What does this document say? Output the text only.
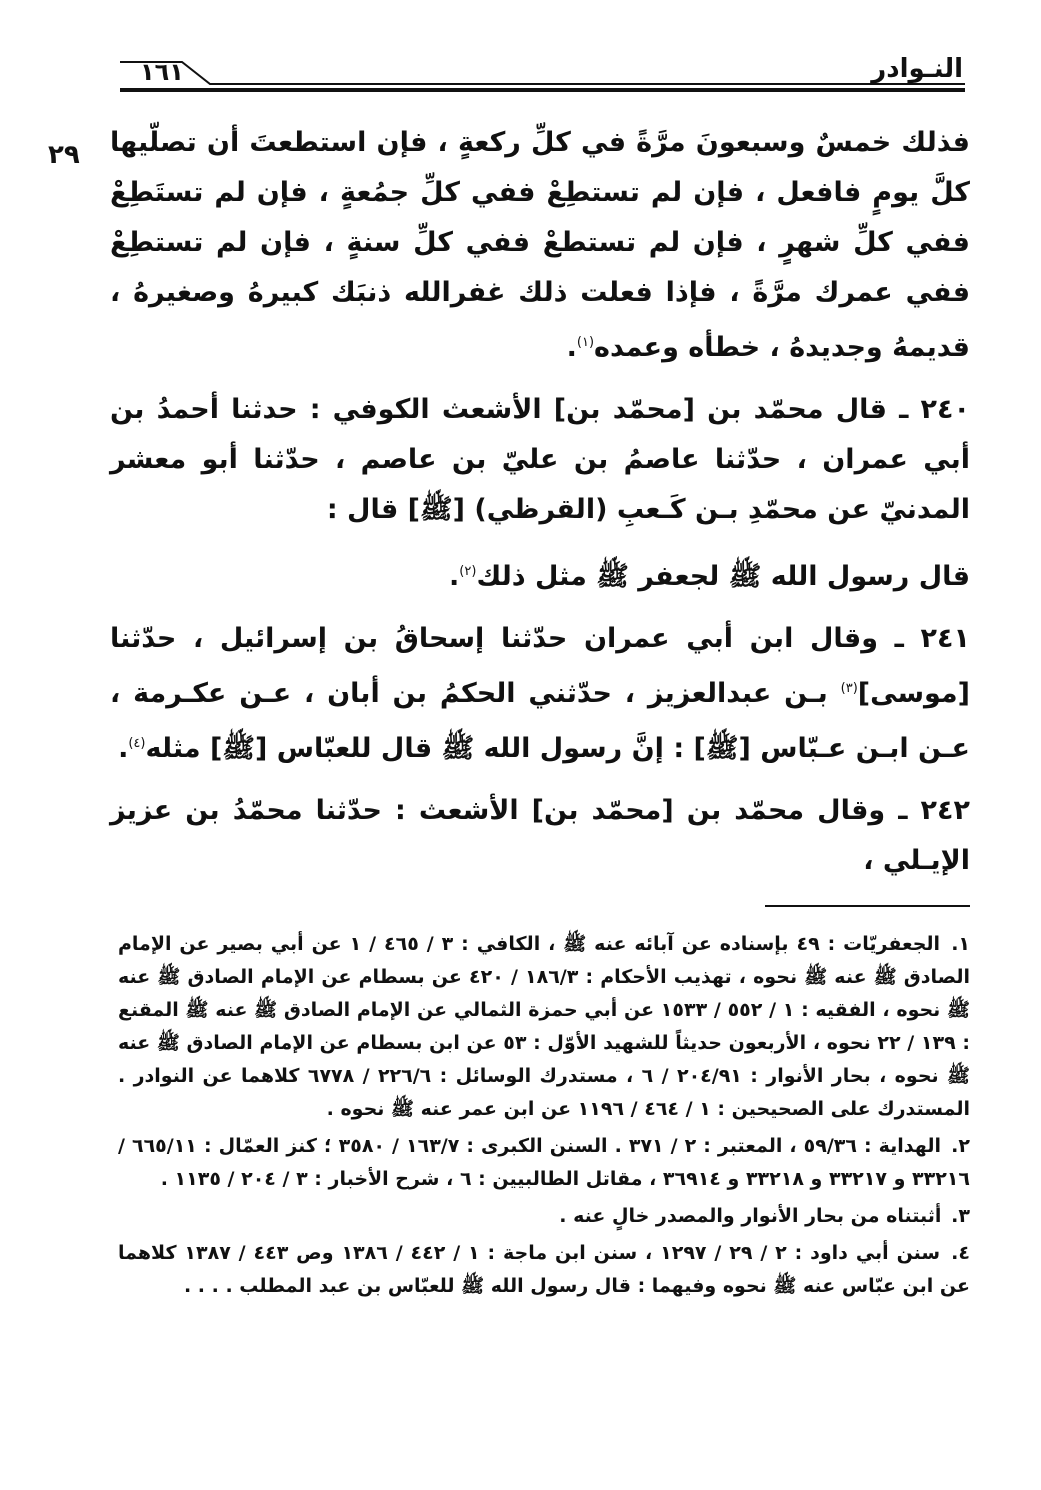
النـوادر
١٦١
٢٩ فذلك خمسٌ وسبعونَ مرَّةً في كلِّ ركعةٍ ، فإن استطعتَ أن تصلّيها كلَّ يومٍ فافعل ، فإن لم تستطِعْ ففي كلِّ جمُعةٍ ، فإن لم تستَطِعْ ففي كلِّ شهرٍ ، فإن لم تستطعْ ففي كلِّ سنةٍ ، فإن لم تستطِعْ ففي عمرك مرَّةً ، فإذا فعلت ذلك غفرالله ذنبَك كبيرهُ وصغيرهُ ، قديمهُ وجديدهُ ، خطأه وعمده$^{(١)}$.

٢٤٠ ـ قال محمّد بن [محمّد بن] الأشعث الكوفي : حدثنا أحمدُ بن أبي عمران ، حدّثنا عاصمُ بن عليّ بن عاصم ، حدّثنا أبو معشر المدنيّ عن محمّدِ بـن كَـعبِ (القرظي) [ﷺ] قال :

قال رسول الله ﷺ لجعفر ﷺ مثل ذلك$^{(٢)}$.

٢٤١ ـ وقال ابن أبي عمران حدّثنا إسحاقُ بن إسرائيل ، حدّثنا [موسى]$^{(٣)}$ بـن عبدالعزيز ، حدّثني الحكمُ بن أبان ، عـن عكـرمة ، عـن ابـن عـبّاس [ﷺ] : إنَّ رسول الله ﷺ قال للعبّاس [ﷺ] مثله$^{(٤)}$.

٢٤٢ ـ وقال محمّد بن [محمّد بن] الأشعث : حدّثنا محمّدُ بن عزيز الإيـلي ،

١. الجعفريّات : ٤٩ بإسناده عن آبائه عنه ﷺ ، الكافي : ٣ / ٤٦٥ / ١ عن أبي بصير عن الإمام الصادق ﷺ عنه ﷺ نحوه ، تهذيب الأحكام : ١٨٦/٣ / ٤٢٠ عن بسطام عن الإمام الصادق ﷺ عنه ﷺ نحوه ، الفقيه : ١ / ٥٥٢ / ١٥٣٣ عن أبي حمزة الثمالي عن الإمام الصادق ﷺ عنه ﷺ المقنع : ١٣٩ / ٢٢ نحوه ، الأربعون حديثاً للشهيد الأوّل : ٥٣ عن ابن بسطام عن الإمام الصادق ﷺ عنه ﷺ نحوه ، بحار الأنوار : ٢٠٤/٩١ / ٦ ، مستدرك الوسائل : ٢٢٦/٦ / ٦٧٧٨ كلاهما عن النوادر . المستدرك على الصحيحين : ١ / ٤٦٤ / ١١٩٦ عن ابن عمر عنه ﷺ نحوه .

٢. الهداية : ٥٩/٣٦ ، المعتبر : ٢ / ٣٧١ . السنن الكبرى : ١٦٣/٧ / ٣٥٨٠ ؛ كنز العمّال : ٦٦٥/١١ / ٣٣٢١٦ و ٣٣٢١٧ و ٣٣٢١٨ و ٣٦٩١٤ ، مقاتل الطالبيين : ٦ ، شرح الأخبار : ٣ / ٢٠٤ / ١١٣٥ .

٣. أثبتناه من بحار الأنوار والمصدر خالٍ عنه .

٤. سنن أبي داود : ٢ / ٢٩ / ١٢٩٧ ، سنن ابن ماجة : ١ / ٤٤٢ / ١٣٨٦ وص ٤٤٣ / ١٣٨٧ كلاهما عن ابن عبّاس عنه ﷺ نحوه وفيهما : قال رسول الله ﷺ للعبّاس بن عبد المطلب . . . .
